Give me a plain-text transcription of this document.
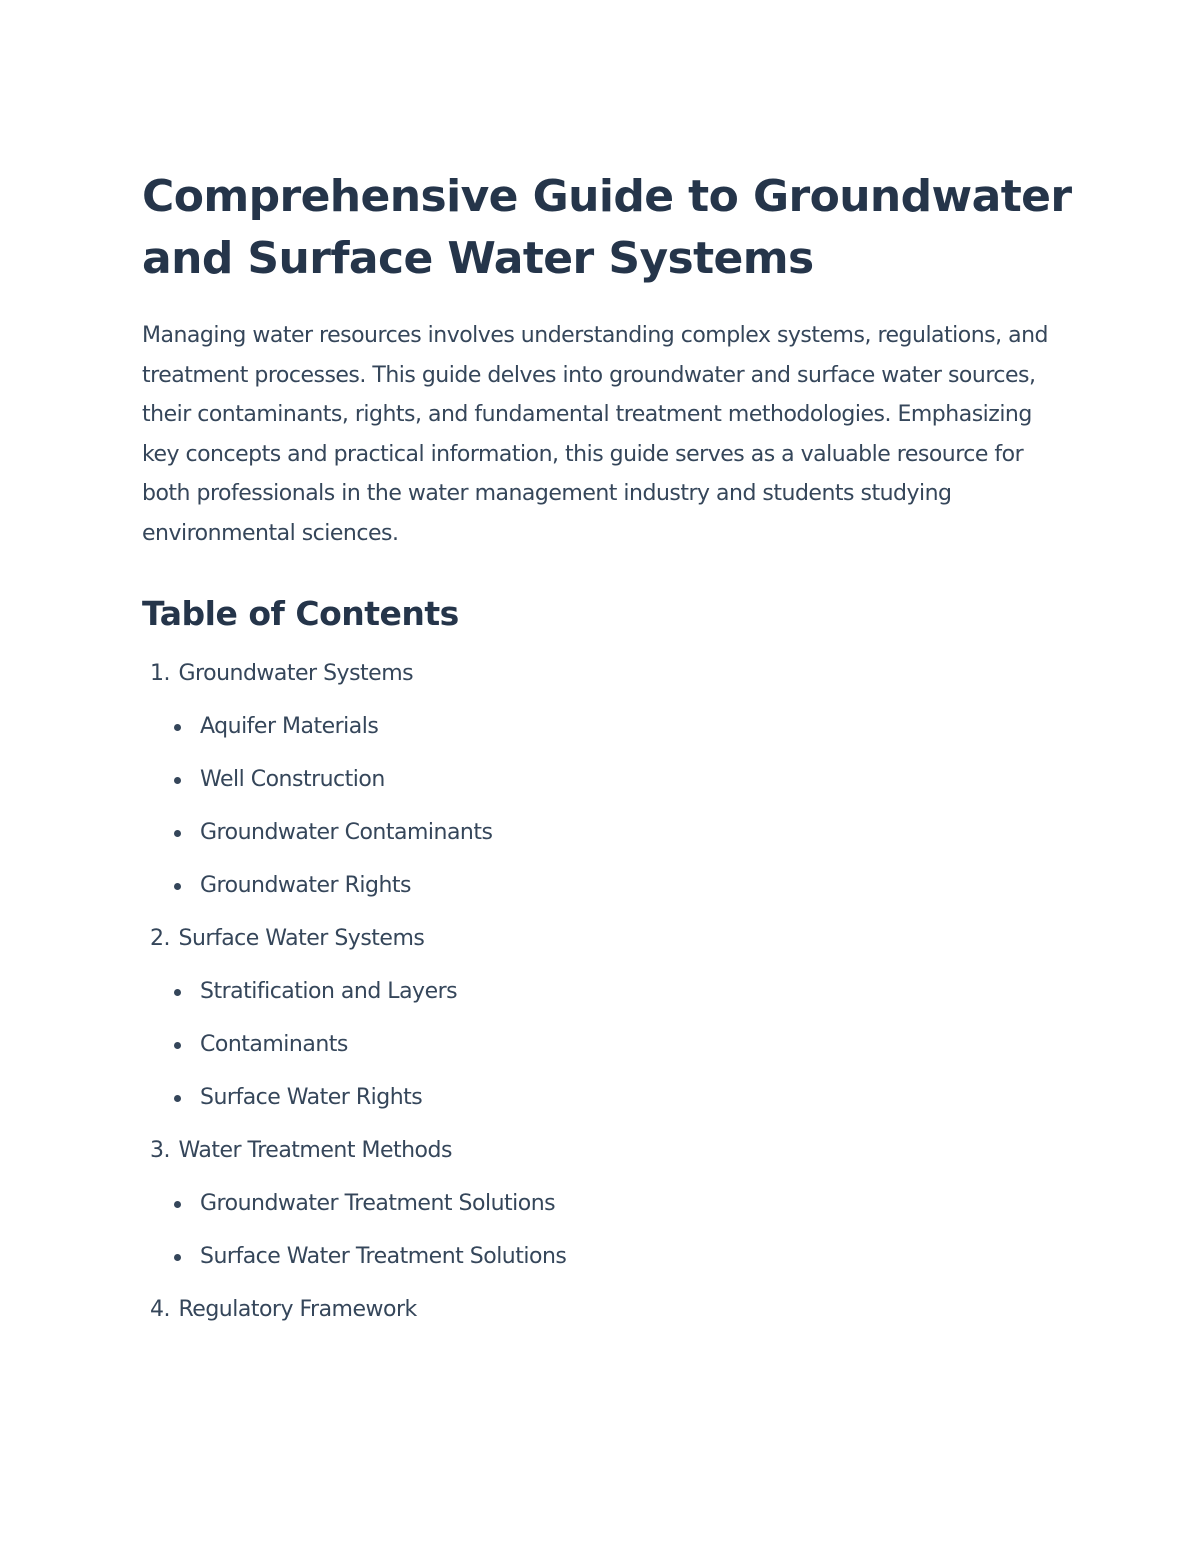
Comprehensive Guide to Groundwater and Surface Water Systems

Managing water resources involves understanding complex systems, regulations, and treatment processes. This guide delves into groundwater and surface water sources, their contaminants, rights, and fundamental treatment methodologies. Emphasizing key concepts and practical information, this guide serves as a valuable resource for both professionals in the water management industry and students studying environmental sciences.

Table of Contents
1. Groundwater Systems
Aquifer Materials
Well Construction
Groundwater Contaminants
Groundwater Rights
2. Surface Water Systems
Stratification and Layers
Contaminants
Surface Water Rights
3. Water Treatment Methods
Groundwater Treatment Solutions
Surface Water Treatment Solutions
4. Regulatory Framework
